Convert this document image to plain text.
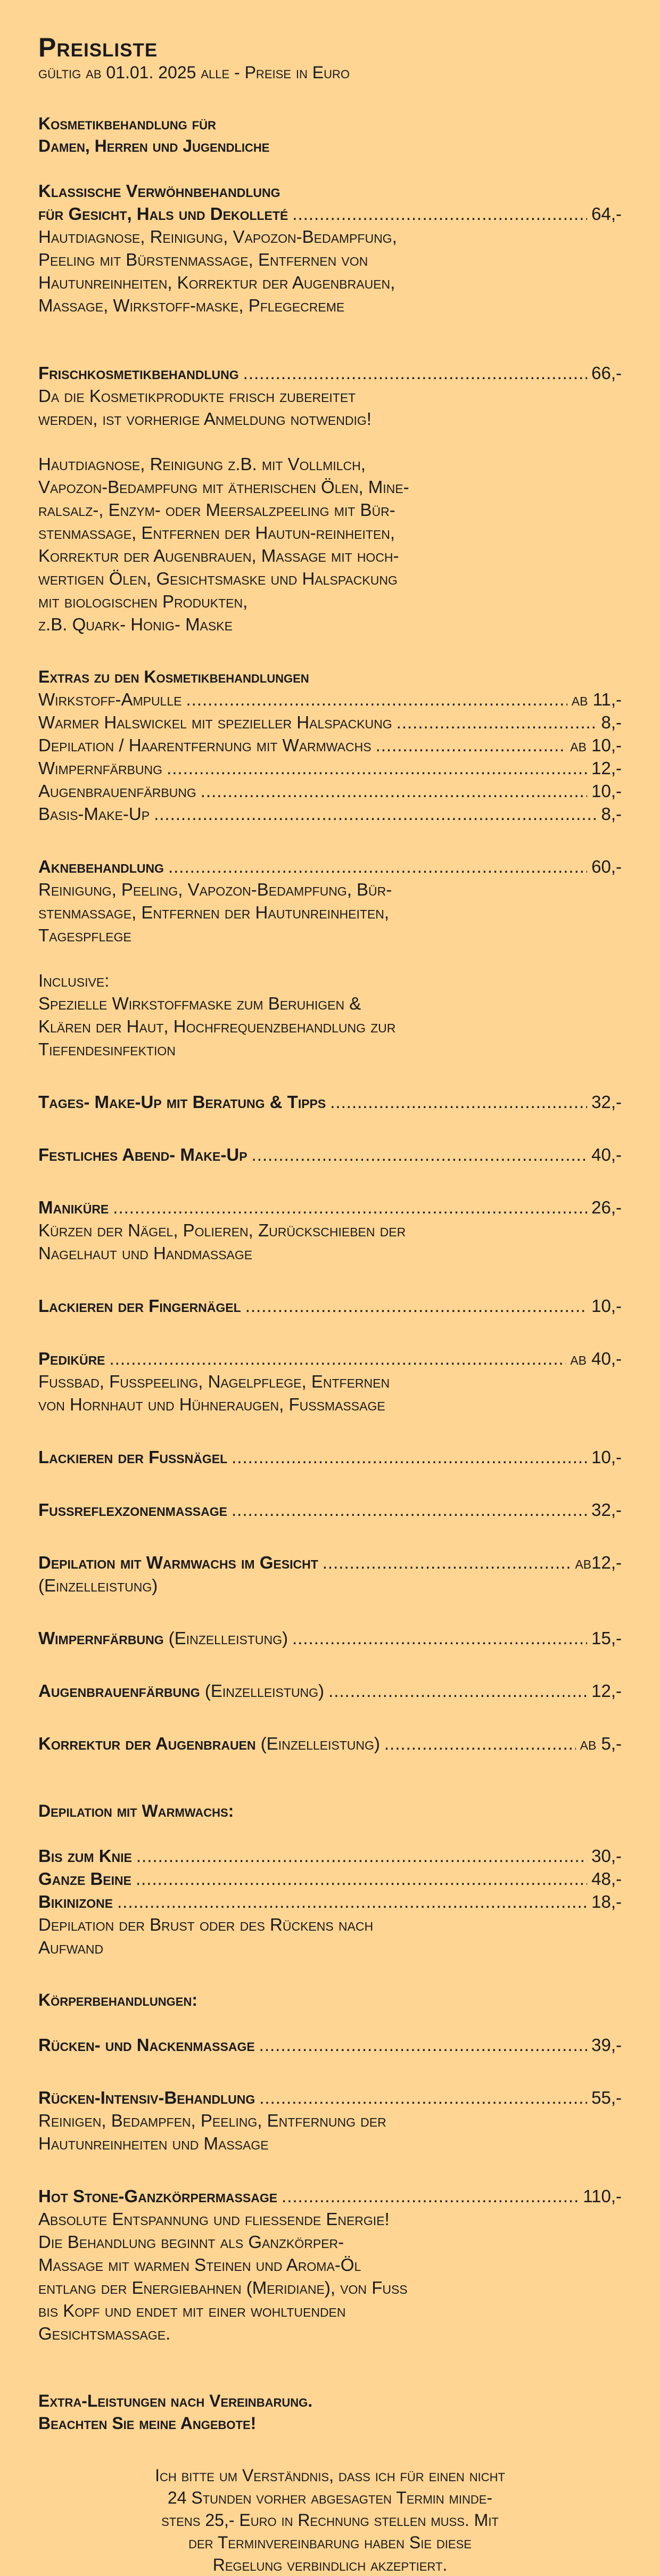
Preisliste
gültig ab 01.01. 2025 alle - Preise in Euro
Kosmetikbehandlung für
Damen, Herren und Jugendliche
Klassische Verwöhnbehandlung
für Gesicht, Hals und Dekolleté .....	64,-
Hautdiagnose, Reinigung, Vapozon-Bedampfung,
Peeling mit Bürstenmassage, Entfernen von
Hautunreinheiten, Korrektur der Augenbrauen,
Massage, Wirkstoff-maske, Pflegecreme
Frischkosmetikbehandlung .....	66,-
Da die Kosmetikprodukte frisch zubereitet
werden, ist vorherige Anmeldung notwendig!
Hautdiagnose, Reinigung z.B. mit Vollmilch,
Vapozon-Bedampfung mit ätherischen Ölen, Mine-
ralsalz-, Enzym- oder Meersalzpeeling mit Bür-
stenmassage, Entfernen der Hautun-reinheiten,
Korrektur der Augenbrauen, Massage mit hoch-
wertigen Ölen, Gesichtsmaske und Halspackung
mit biologischen Produkten,
z.B. Quark- Honig- Maske
Extras zu den Kosmetikbehandlungen
Wirkstoff-Ampulle .....	ab 11,-
Warmer Halswickel mit spezieller Halspackung .....	8,-
Depilation / Haarentfernung mit Warmwachs .....	ab 10,-
Wimpernfärbung .....	12,-
Augenbrauenfärbung .....	10,-
Basis-Make-Up .....	8,-
Aknebehandlung .....	60,-
Reinigung, Peeling, Vapozon-Bedampfung, Bür-
stenmassage, Entfernen der Hautunreinheiten,
Tagespflege
Inclusive:
Spezielle Wirkstoffmaske zum Beruhigen &
Klären der Haut, Hochfrequenzbehandlung zur
Tiefendesinfektion
Tages- Make-Up mit Beratung & Tipps .....	32,-
Festliches Abend- Make-Up .....	40,-
Maniküre .....	26,-
Kürzen der Nägel, Polieren, Zurückschieben der
Nagelhaut und Handmassage
Lackieren der Fingernägel .....	10,-
Pediküre .....	ab 40,-
Fussbad, Fusspeeling, Nagelpflege, Entfernen
von Hornhaut und Hühneraugen, Fussmassage
Lackieren der Fussnägel .....	10,-
Fussreflexzonenmassage .....	32,-
Depilation mit Warmwachs im Gesicht .....	ab12,-
(Einzelleistung)
Wimpernfärbung (Einzelleistung) .....	15,-
Augenbrauenfärbung (Einzelleistung) .....	12,-
Korrektur der Augenbrauen (Einzelleistung) .....	ab 5,-
Depilation mit Warmwachs:
Bis zum Knie .....	30,-
Ganze Beine .....	48,-
Bikinizone .....	18,-
Depilation der Brust oder des Rückens nach
Aufwand
Körperbehandlungen:
Rücken- und Nackenmassage .....	39,-
Rücken-Intensiv-Behandlung .....	55,-
Reinigen, Bedampfen, Peeling, Entfernung der
Hautunreinheiten und Massage
Hot Stone-Ganzkörpermassage .....	110,-
Absolute Entspannung und fliessende Energie!
Die Behandlung beginnt als Ganzkörper-
Massage mit warmen Steinen und Aroma-Öl
entlang der Energiebahnen (Meridiane), von Fuss
bis Kopf und endet mit einer wohltuenden
Gesichtsmassage.
Extra-Leistungen nach Vereinbarung.
Beachten Sie meine Angebote!
Ich bitte um Verständnis, dass ich für einen nicht
24 Stunden vorher abgesagten Termin minde-
stens 25,- Euro in Rechnung stellen muss. Mit
der Terminvereinbarung haben Sie diese
Regelung verbindlich akzeptiert.
